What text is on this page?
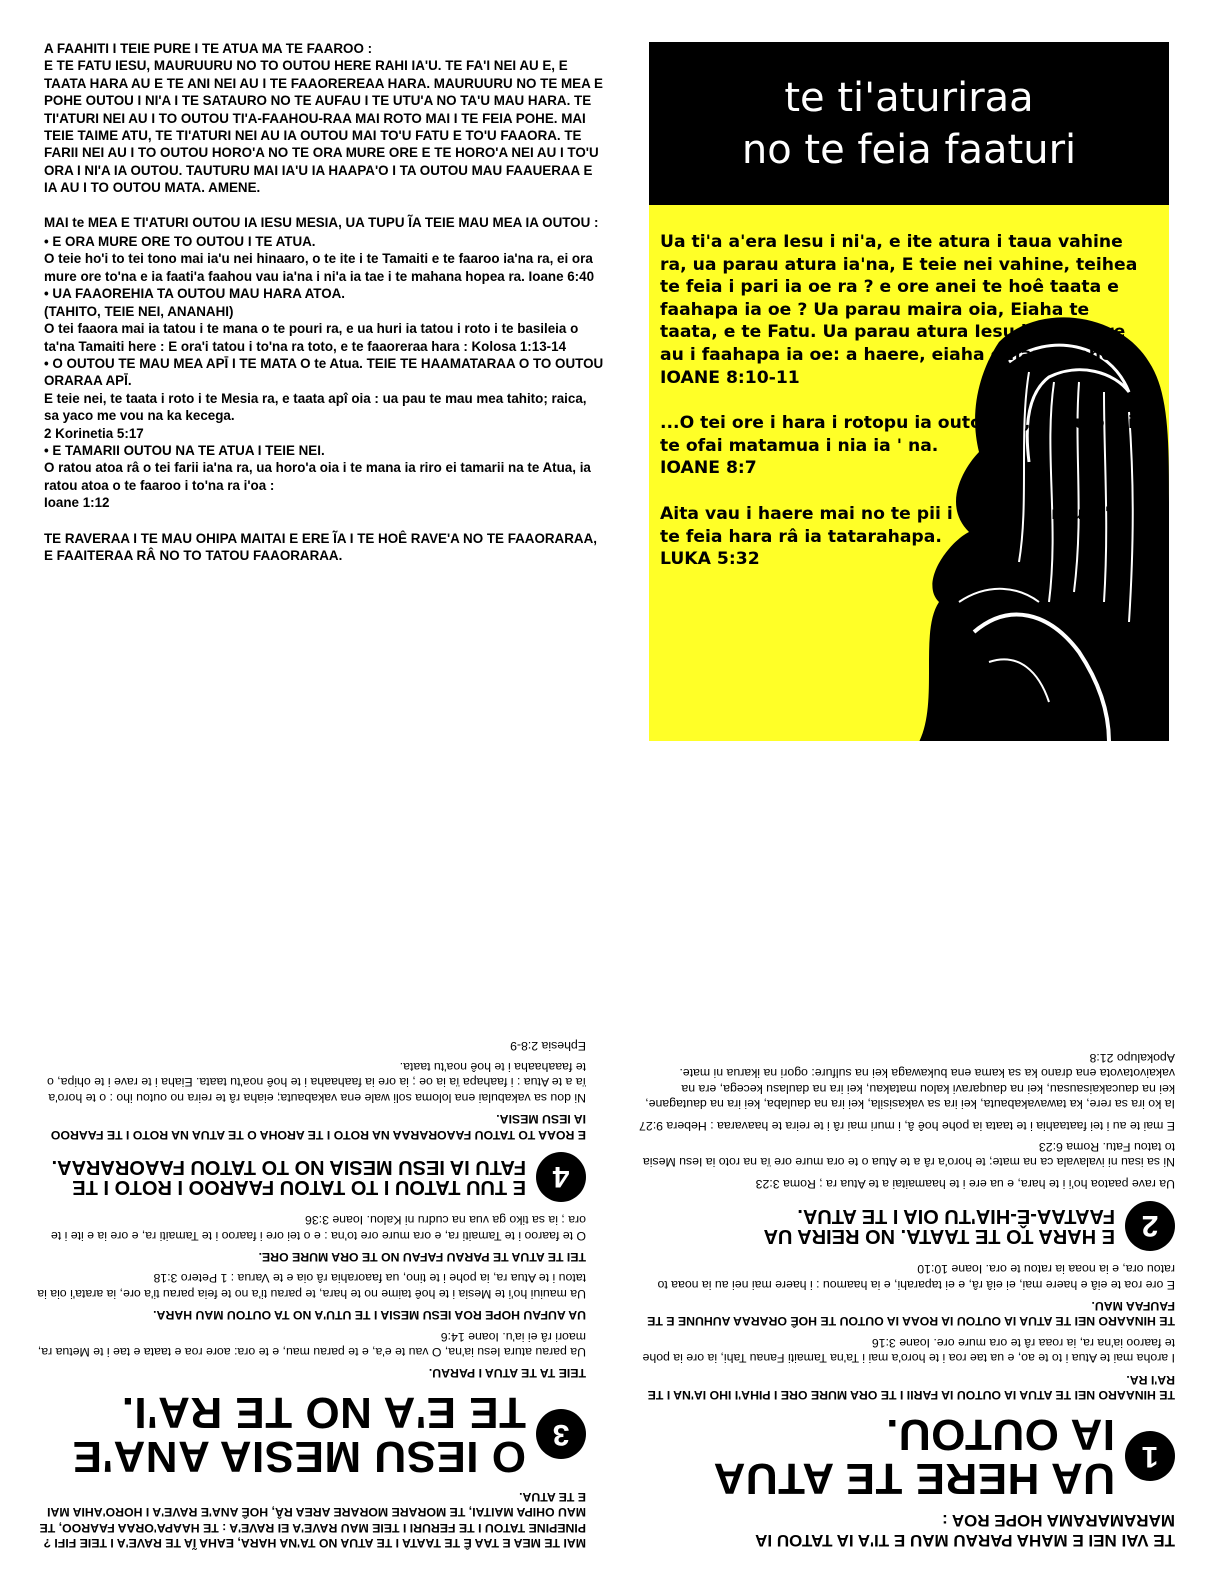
A FAAHITI I TEIE PURE I TE ATUA MA TE FAAROO :
E TE FATU IESU, MAURUURU NO TO OUTOU HERE RAHI IA'U. TE FA'I NEI AU E, E TAATA HARA AU E TE ANI NEI AU I TE FAAOREREAA HARA. MAURUURU NO TE MEA E POHE OUTOU I NI'A I TE SATAURO NO TE AUFAU I TE UTU'A NO TA'U MAU HARA. TE TI'ATURI NEI AU I TO OUTOU TI'A-FAAHOU-RAA MAI ROTO MAI I TE FEIA POHE. MAI TEIE TAIME ATU, TE TI'ATURI NEI AU IA OUTOU MAI TO'U FATU E TO'U FAAORA. TE FARII NEI AU I TO OUTOU HORO'A NO TE ORA MURE ORE E TE HORO'A NEI AU I TO'U ORA I NI'A IA OUTOU. TAUTURU MAI IA'U IA HAAPA'O I TA OUTOU MAU FAAUERAA E IA AU I TO OUTOU MATA. AMENE.

MAI te MEA E TI'ATURI OUTOU IA IESU MESIA, UA TUPU ĨA TEIE MAU MEA IA OUTOU :
• E ORA MURE ORE TO OUTOU I TE ATUA.
O teie ho'i to tei tono mai ia'u nei hinaaro, o te ite i te Tamaiti e te faaroo ia'na ra, ei ora mure ore to'na e ia faati'a faahou vau ia'na i ni'a ia tae i te mahana hopea ra. Ioane 6:40
• UA FAAOREHIA TA OUTOU MAU HARA ATOA.
(TAHITO, TEIE NEI, ANANAHI)
O tei faaora mai ia tatou i te mana o te pouri ra, e ua huri ia tatou i roto i te basileia o ta'na Tamaiti here : E ora'i tatou i to'na ra toto, e te faaoreraa hara : Kolosa 1:13-14
• O OUTOU TE MAU MEA APĪ I TE MATA O te Atua. TEIE TE HAAMATARAA O TO OUTOU ORARAA APĪ.
E teie nei, te taata i roto i te Mesia ra, e taata apî oia : ua pau te mau mea tahito; raica, sa yaco me vou na ka kecega.
2 Korinetia 5:17
• E TAMARII OUTOU NA TE ATUA I TEIE NEI.
O ratou atoa râ o tei farii ia'na ra, ua horo'a oia i te mana ia riro ei tamarii na te Atua, ia ratou atoa o te faaroo i to'na ra i'oa :
Ioane 1:12
TE RAVERAA I TE MAU OHIPA MAITAI E ERE ĨA I TE HOÊ RAVE'A NO TE FAAORARAA, E FAAITERAA RÂ NO TO TATOU FAAORARAA.
te ti'aturiraa
no te feia faaturi

Ua ti'a a'era Iesu i ni'a, e ite atura i taua vahine ra, ua parau atura ia'na, E teie nei vahine, teihea te feia i pari ia oe ra ? e ore anei te hoê taata e faahapa ia oe ? Ua parau maira oia, Eiaha te taata, e te Fatu. Ua parau atura Iesu ia'na, Aore au i faahapa ia oe: a haere, eiaha e hara faahou. IOANE 8:10-11

...O tei ore i hara i rotopu ia outou na, e tuu oia i te ofai matamua i nia ia ' na.
IOANE 8:7

Aita vau i haere mai no te pii i te feia parau-ti'a, i te feia hara râ ia tatarahapa.
LUKA 5:32

MAI TE MEA E TAA Ê TE TAATA I TE ATUA NO TA'NA HARA, EAHA ĨA TE RAVE'A I TEIE FIFI ? PINEPINE TATOU I TE FERURI I TEIE MAU RAVE'A EI RAVE'A : TE HAAPA'ORAA FAAROO, TE MAU OHIPA MAITAI, TE MORARE MORARE AREA RÂ, HOÊ ANA'E RAVE'A I HORO'AHIA MAI E TE ATUA.
3
O IESU MESIA ANA'E
TE E'A NO TE RA'I.
TEIE TA TE ATUA I PARAU.
Ua parau atura Iesu ia'na, O vau te e'a, e te parau mau, e te ora: aore roa e taata e tae i te Metua ra, maori râ ei ia'u. Ioane 14:6
UA AUFAU HOPE ROA IESU MESIA I TE UTU'A NO TA OUTOU MAU HARA.
Ua mauiui ho'i te Mesia i te hoê taime no te hara, te parau ti'a no te feia parau ti'a ore, ia arata'i oia ia tatou i te Atua ra, ia pohe i te tino, ua faaorahia râ oia e te Varua : 1 Petero 3:18
TEI TE ATUA TE PARAU FAFAU NO TE ORA MURE ORE.
O te faaroo i te Tamaiti ra, e ora mure ore to'na : e o tei ore i faaroo i te Tamaiti ra, e ore ia e ite i te ora ; ia sa tiko ga vua na cudru ni Kalou. Ioane 3:36
4
E TUU TATOU I TO TATOU FAAROO I ROTO I TE
FATU IA IESU MESIA NO TO TATOU FAAORARAA.
E ROAA TO TATOU FAAORARAA NA ROTO I TE AROHA O TE ATUA NA ROTO I TE FAAROO IA IESU MESIA.
Ni dou sa vakabulai ena loloma soli wale ena vakabauta; eiaha râ te reira no outou iho : o te horo'a ïa a te Atua : i faahapa ïa ia oe ; ia ore ia faahaaha i te hoê noa'tu taata. Eiaha i te rave i te ohipa, o te faaahaaha i te hoê noa'tu taata.
Ephesia 2:8-9
TE VAI NEI E MAHA PARAU MAU E TI'A IA TATOU IA MARAMARAMA HOPE ROA :
1
UA HERE TE ATUA
IA OUTOU.
TE HINAARO NEI TE ATUA IA OUTOU IA FARII I TE ORA MURE ORE I PIHA'I IHO IA'NA I TE RA'I RA.
I aroha mai te Atua i to te ao, e ua tae roa i te horo'a mai i Ta'na Tamaiti Fanau Tahi, ia ore ia pohe te faaroo ia'na ra, ia roaa râ te ora mure ore. Ioane 3:16
TE HINAARO NEI TE ATUA IA OUTOU IA ROAA IA OUTOU TE HOÊ ORARAA AUHUNE E TE FAUFAA MAU.
E ore roa te eiâ e haere mai, ei eiâ râ, e ei taparahi, e ia haamou : i haere mai nei au ia noaa to ratou ora, e ia noaa ia ratou te ora. Ioane 10:10
2
E HARA TO TE TAATA. NO REIRA UA
FAATAA-Ê-HIA'TU OIA I TE ATUA.
Ua rave paatoa ho'i i te hara, e ua ere i te haamaitai a te Atua ra ; Roma 3:23
Ni sa isau ni ivalavala ca na mate; te horo'a râ a te Atua o te ora mure ore ïa na roto ia Iesu Mesia to tatou Fatu. Roma 6:23
E mai te au i tei faataahia i te taata ia pohe hoê â, i muri mai râ i te reira te haavaraa : Hebera 9:27
Ia ko ira sa rere, ka tawavakabauta, kei ira sa vakasisila, kei ira na daulaba, kei ira na dautagane, kei na daucakaisausau, kei na dauqaravi kalou matakau, kei ira na daulasu kecega, era na vakaivotavota ena drano ka sa kama ena bukawaga kei na sulfure: ogori na ikarua ni mate. Apokalupo 21:8
